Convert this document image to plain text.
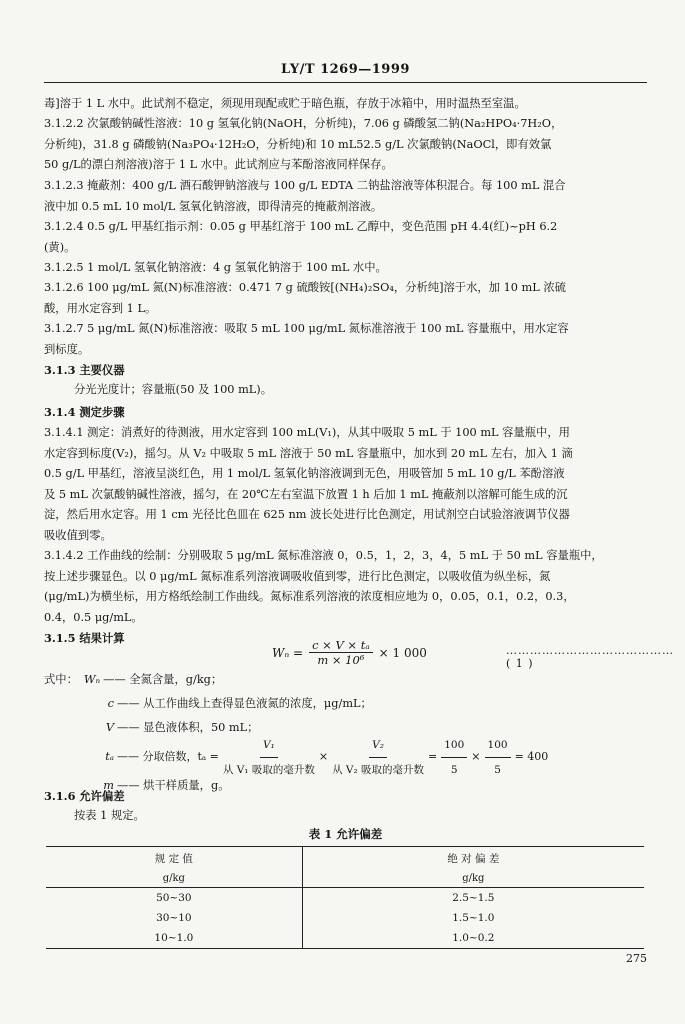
LY/T 1269—1999
毒]溶于 1 L 水中。此试剂不稳定，须现用现配或贮于暗色瓶，存放于冰箱中，用时温热至室温。
3.1.2.2 次氯酸钠碱性溶液：10 g 氢氧化钠(NaOH，分析纯)，7.06 g 磷酸氢二钠(Na₂HPO₄·7H₂O，
分析纯)，31.8 g 磷酸钠(Na₃PO₄·12H₂O，分析纯)和 10 mL52.5 g/L 次氯酸钠(NaOCl，即有效氯
50 g/L的漂白剂溶液)溶于 1 L 水中。此试剂应与苯酚溶液同样保存。
3.1.2.3 掩蔽剂：400 g/L 酒石酸钾钠溶液与 100 g/L EDTA 二钠盐溶液等体积混合。每 100 mL 混合
液中加 0.5 mL 10 mol/L 氢氧化钠溶液，即得清亮的掩蔽剂溶液。
3.1.2.4 0.5 g/L 甲基红指示剂：0.05 g 甲基红溶于 100 mL 乙醇中，变色范围 pH 4.4(红)~pH 6.2
(黄)。
3.1.2.5 1 mol/L 氢氧化钠溶液：4 g 氢氧化钠溶于 100 mL 水中。
3.1.2.6 100 μg/mL 氮(N)标准溶液：0.471 7 g 硫酸铵[(NH₄)₂SO₄，分析纯]溶于水，加 10 mL 浓硫
酸，用水定容到 1 L。
3.1.2.7 5 μg/mL 氮(N)标准溶液：吸取 5 mL 100 μg/mL 氮标准溶液于 100 mL 容量瓶中，用水定容
到标度。
3.1.3 主要仪器
分光光度计；容量瓶(50 及 100 mL)。
3.1.4 测定步骤
3.1.4.1 测定：消煮好的待测液，用水定容到 100 mL(V₁)，从其中吸取 5 mL 于 100 mL 容量瓶中，用
水定容到标度(V₂)，摇匀。从 V₂ 中吸取 5 mL 溶液于 50 mL 容量瓶中，加水到 20 mL 左右，加入 1 滴
0.5 g/L 甲基红，溶液呈淡红色，用 1 mol/L 氢氧化钠溶液调到无色，用吸管加 5 mL 10 g/L 苯酚溶液
及 5 mL 次氯酸钠碱性溶液，摇匀，在 20℃左右室温下放置 1 h 后加 1 mL 掩蔽剂以溶解可能生成的沉
淀，然后用水定容。用 1 cm 光径比色皿在 625 nm 波长处进行比色测定，用试剂空白试验溶液调节仪器
吸收值到零。
3.1.4.2 工作曲线的绘制：分别吸取 5 μg/mL 氮标准溶液 0，0.5，1，2，3，4，5 mL 于 50 mL 容量瓶中，
按上述步骤显色。以 0 μg/mL 氮标准系列溶液调吸收值到零，进行比色测定，以吸收值为纵坐标，氮
(μg/mL)为横坐标，用方格纸绘制工作曲线。氮标准系列溶液的浓度相应地为 0，0.05，0.1，0.2，0.3，
0.4，0.5 μg/mL。
3.1.5 结果计算
$W_n = \frac{\text{c × V × tₐ}}{\text{m × 10⁶}} \times 1$ 000	……………………………………( 1 )
式中： Wₙ —— 全氮含量，g/kg；
c —— 从工作曲线上查得显色液氮的浓度，μg/mL；
V —— 显色液体积，50 mL；
tₐ —— 分取倍数，$t_a = \frac{\text{V₁}}{\text{从 V₁ 吸取的毫升数}} \times \frac{\text{V₂}}{\text{从 V₂ 吸取的毫升数}} = \frac{100}{5} \times \frac{100}{5} = 400$
m —— 烘干样质量，g。
3.1.6 允许偏差
按表 1 规定。
表 1 允许偏差
规 定 值	绝 对 偏 差
g/kg	g/kg
50~30	2.5~1.5
30~10	1.5~1.0
10~1.0	1.0~0.2
275
